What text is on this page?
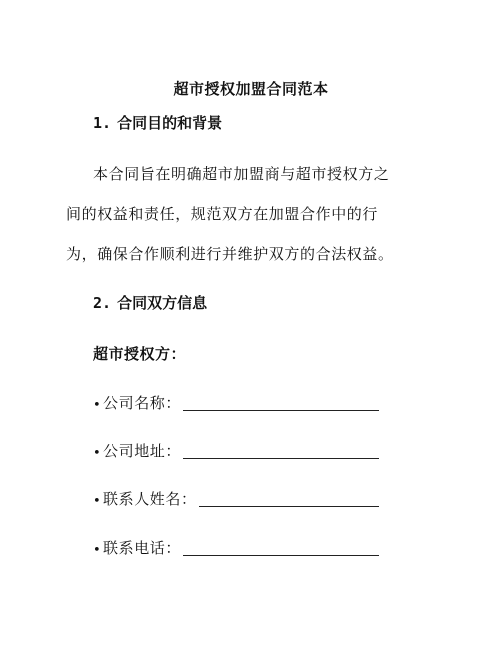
超市授权加盟合同范本
1. 合同目的和背景
本合同旨在明确超市加盟商与超市授权方之
间的权益和责任，规范双方在加盟合作中的行
为，确保合作顺利进行并维护双方的合法权益。
2. 合同双方信息
超市授权方：
• 公司名称：
• 公司地址：
• 联系人姓名：
• 联系电话：
